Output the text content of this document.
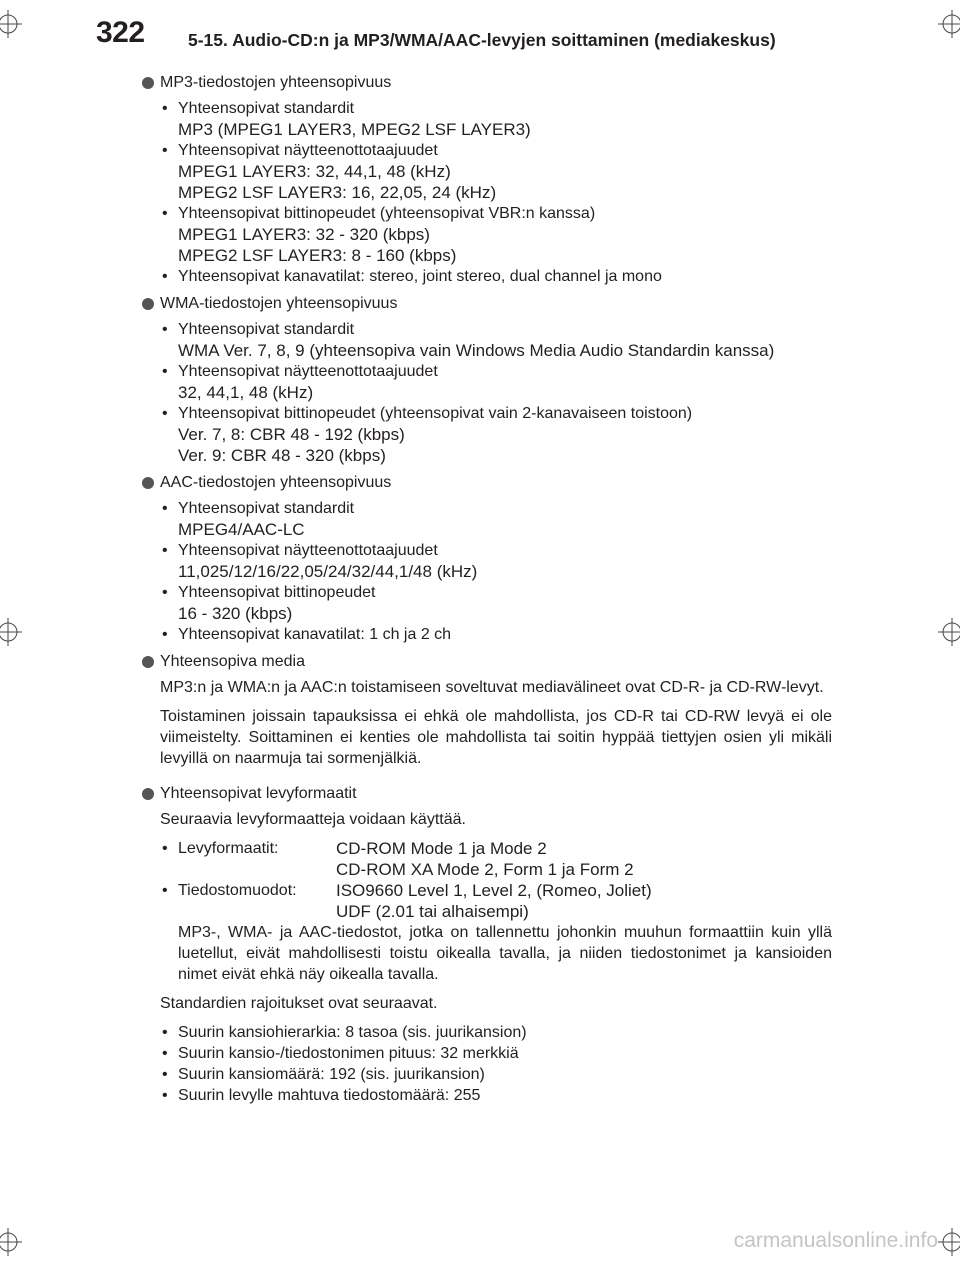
322 5-15. Audio-CD:n ja MP3/WMA/AAC-levyjen soittaminen (mediakeskus)
MP3-tiedostojen yhteensopivuus
• Yhteensopivat standardit
MP3 (MPEG1 LAYER3, MPEG2 LSF LAYER3)
• Yhteensopivat näytteenottotaajuudet
MPEG1 LAYER3: 32, 44,1, 48 (kHz)
MPEG2 LSF LAYER3: 16, 22,05, 24 (kHz)
• Yhteensopivat bittinopeudet (yhteensopivat VBR:n kanssa)
MPEG1 LAYER3: 32 - 320 (kbps)
MPEG2 LSF LAYER3: 8 - 160 (kbps)
• Yhteensopivat kanavatilat: stereo, joint stereo, dual channel ja mono
WMA-tiedostojen yhteensopivuus
• Yhteensopivat standardit
WMA Ver. 7, 8, 9 (yhteensopiva vain Windows Media Audio Standardin kanssa)
• Yhteensopivat näytteenottotaajuudet
32, 44,1, 48 (kHz)
• Yhteensopivat bittinopeudet (yhteensopivat vain 2-kanavaiseen toistoon)
Ver. 7, 8: CBR 48 - 192 (kbps)
Ver. 9: CBR 48 - 320 (kbps)
AAC-tiedostojen yhteensopivuus
• Yhteensopivat standardit
MPEG4/AAC-LC
• Yhteensopivat näytteenottotaajuudet
11,025/12/16/22,05/24/32/44,1/48 (kHz)
• Yhteensopivat bittinopeudet
16 - 320 (kbps)
• Yhteensopivat kanavatilat: 1 ch ja 2 ch
Yhteensopiva media

MP3:n ja WMA:n ja AAC:n toistamiseen soveltuvat mediavälineet ovat CD-R- ja CD-RW-levyt.

Toistaminen joissain tapauksissa ei ehkä ole mahdollista, jos CD-R tai CD-RW levyä ei ole viimeistelty. Soittaminen ei kenties ole mahdollista tai soitin hyppää tiettyjen osien yli mikäli levyillä on naarmuja tai sormenjälkiä.

Yhteensopivat levyformaatit

Seuraavia levyformaatteja voidaan käyttää.

• Levyformaatit:	CD-ROM Mode 1 ja Mode 2
CD-ROM XA Mode 2, Form 1 ja Form 2
• Tiedostomuodot:	ISO9660 Level 1, Level 2, (Romeo, Joliet)
UDF (2.01 tai alhaisempi)
MP3-, WMA- ja AAC-tiedostot, jotka on tallennettu johonkin muuhun formaattiin kuin yllä luetellut, eivät mahdollisesti toistu oikealla tavalla, ja niiden tiedostonimet ja kansioiden nimet eivät ehkä näy oikealla tavalla.

Standardien rajoitukset ovat seuraavat.

• Suurin kansiohierarkia: 8 tasoa (sis. juurikansion)
• Suurin kansio-/tiedostonimen pituus: 32 merkkiä
• Suurin kansiomäärä: 192 (sis. juurikansion)
• Suurin levylle mahtuva tiedostomäärä: 255
carmanualsonline.info
